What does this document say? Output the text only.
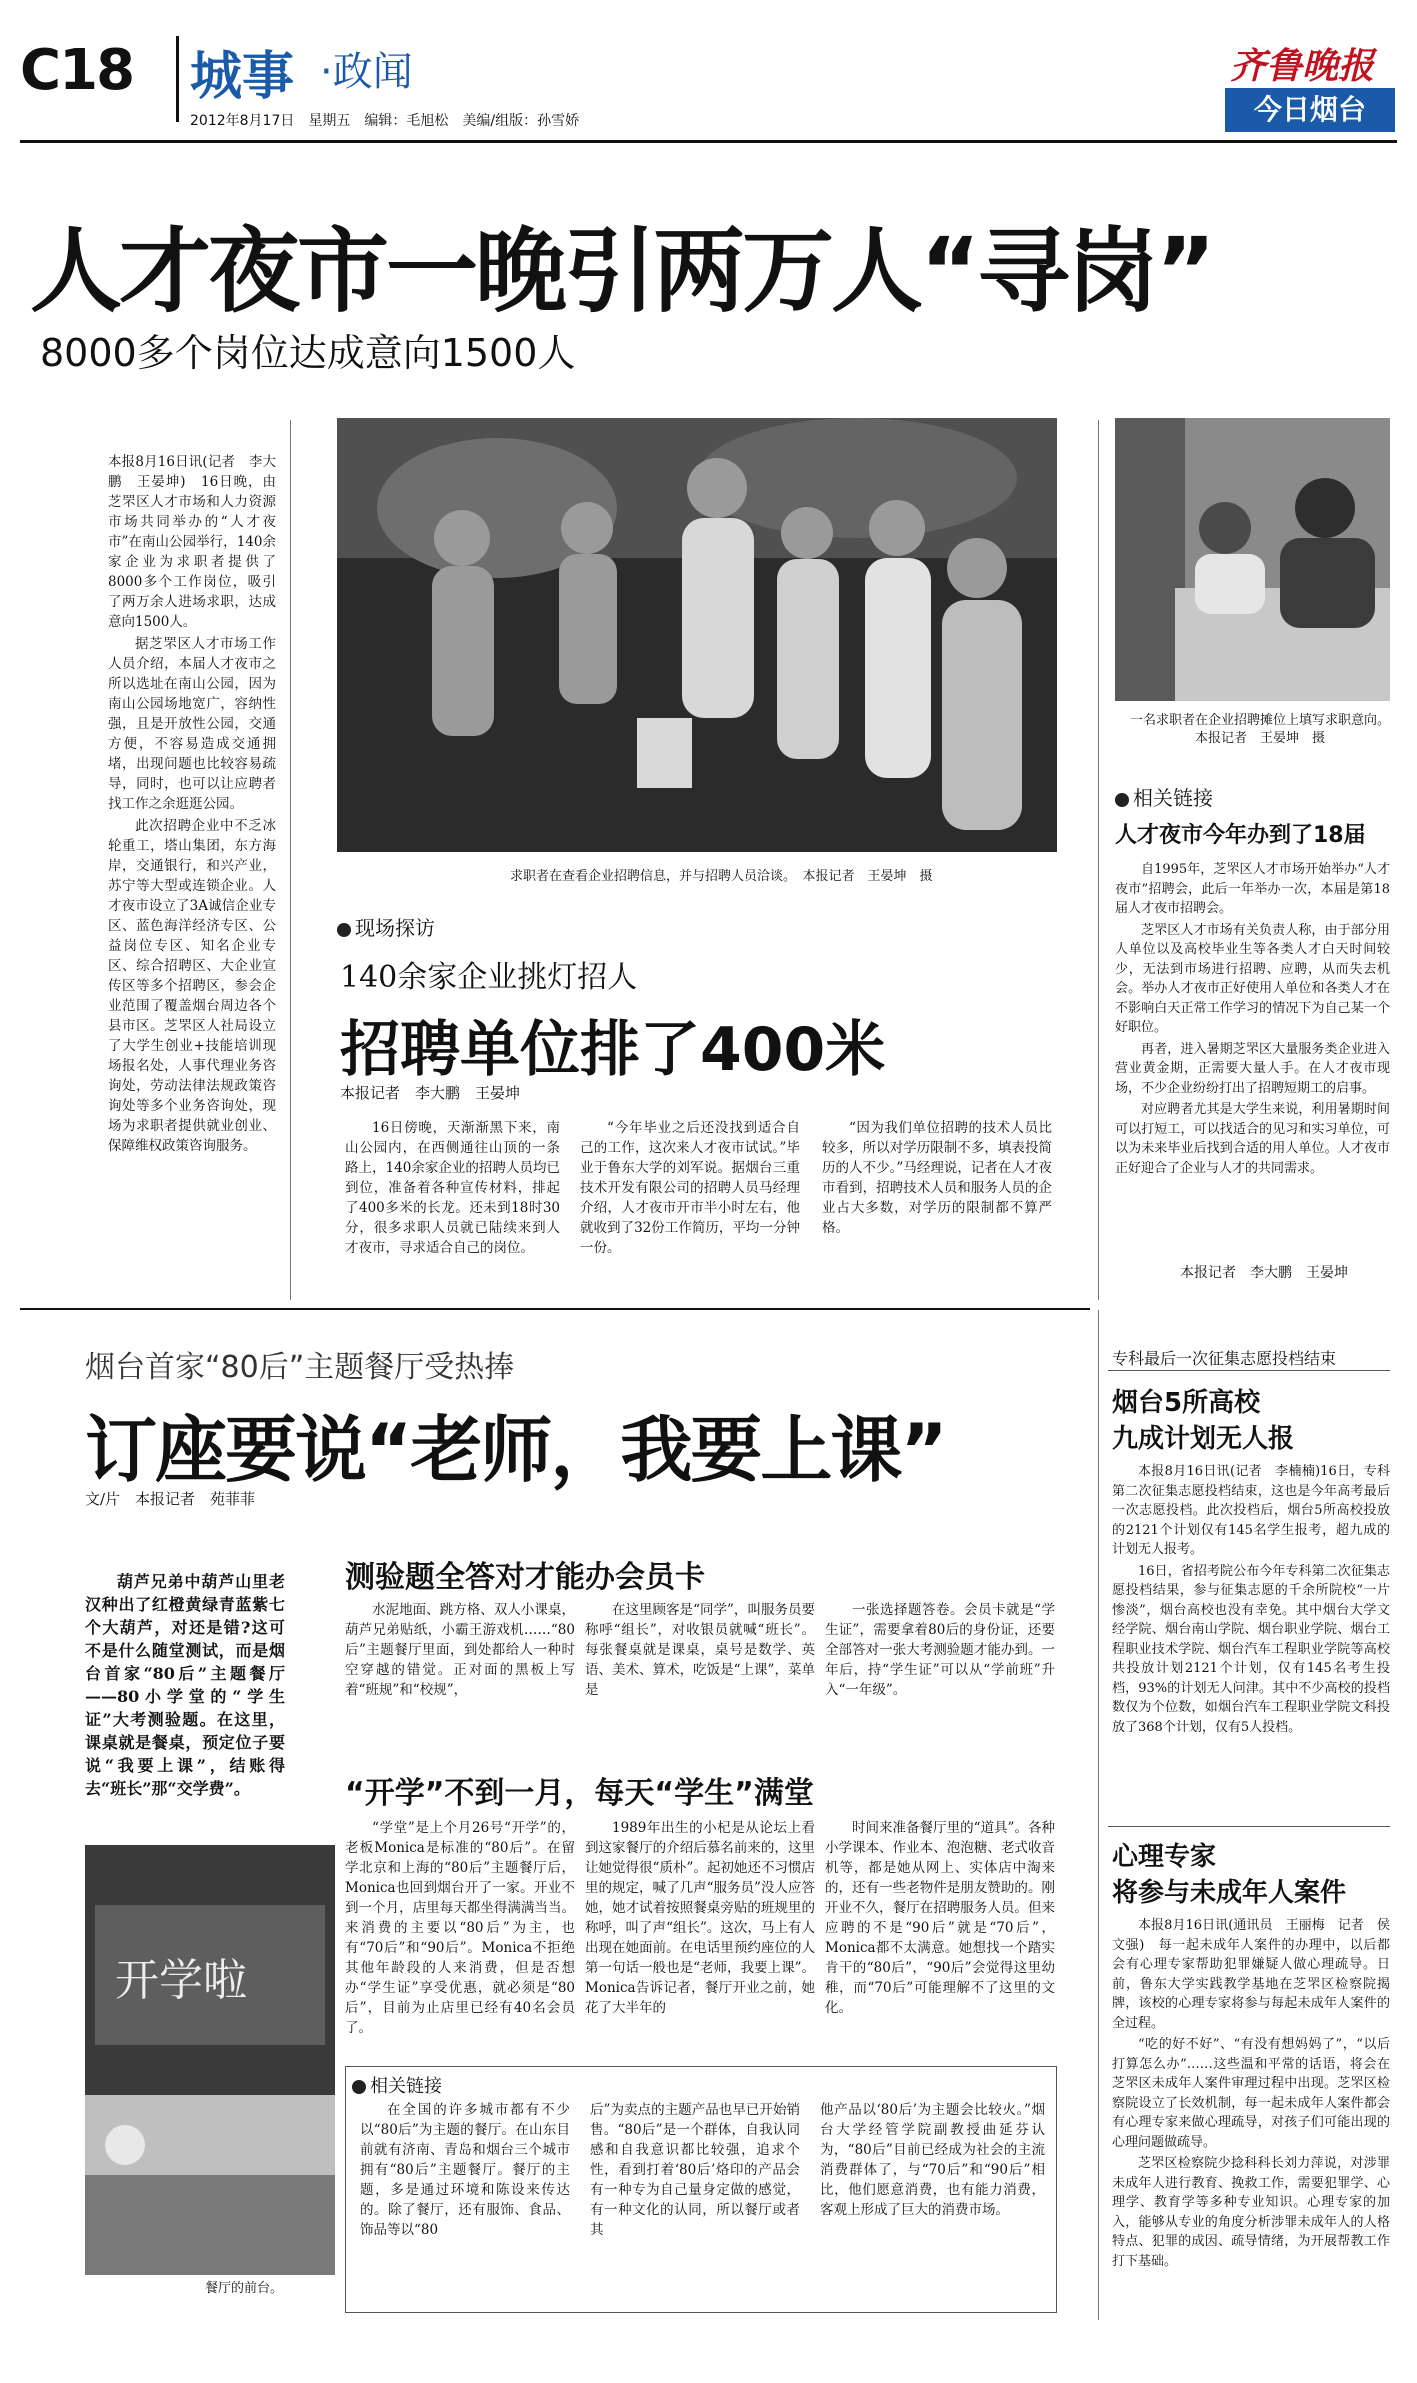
C18 城事 ·政闻
2012年8月17日　星期五　编辑：毛旭松　美编/组版：孙雪娇
齐鲁晚报
今日烟台
人才夜市一晚引两万人“寻岗”
8000多个岗位达成意向1500人

本报8月16日讯(记者　李大鹏　王晏坤)　16日晚，由芝罘区人才市场和人力资源市场共同举办的“人才夜市”在南山公园举行，140余家企业为求职者提供了8000多个工作岗位，吸引了两万余人进场求职，达成意向1500人。

据芝罘区人才市场工作人员介绍，本届人才夜市之所以选址在南山公园，因为南山公园场地宽广，容纳性强，且是开放性公园，交通方便，不容易造成交通拥堵，出现问题也比较容易疏导，同时，也可以让应聘者找工作之余逛逛公园。

此次招聘企业中不乏冰轮重工，塔山集团，东方海岸，交通银行，和兴产业，苏宁等大型或连锁企业。人才夜市设立了3A诚信企业专区、蓝色海洋经济专区、公益岗位专区、知名企业专区、综合招聘区、大企业宣传区等多个招聘区，参会企业范围了覆盖烟台周边各个县市区。芝罘区人社局设立了大学生创业+技能培训现场报名处，人事代理业务咨询处，劳动法律法规政策咨询处等多个业务咨询处，现场为求职者提供就业创业、保障维权政策咨询服务。

求职者在查看企业招聘信息，并与招聘人员洽谈。　本报记者　王晏坤　摄
一名求职者在企业招聘摊位上填写求职意向。本报记者　王晏坤　摄
相关链接
人才夜市今年办到了18届

自1995年，芝罘区人才市场开始举办“人才夜市”招聘会，此后一年举办一次，本届是第18届人才夜市招聘会。

芝罘区人才市场有关负责人称，由于部分用人单位以及高校毕业生等各类人才白天时间较少，无法到市场进行招聘、应聘，从而失去机会。举办人才夜市正好使用人单位和各类人才在不影响白天正常工作学习的情况下为自己某一个好职位。

再者，进入暑期芝罘区大量服务类企业进入营业黄金期，正需要大量人手。在人才夜市现场，不少企业纷纷打出了招聘短期工的启事。

对应聘者尤其是大学生来说，利用暑期时间可以打短工，可以找适合的见习和实习单位，可以为未来毕业后找到合适的用人单位。人才夜市正好迎合了企业与人才的共同需求。

本报记者　李大鹏　王晏坤
现场探访
140余家企业挑灯招人
招聘单位排了400米
本报记者　李大鹏　王晏坤

16日傍晚，天渐渐黑下来，南山公园内，在西侧通往山顶的一条路上，140余家企业的招聘人员均已到位，准备着各种宣传材料，排起了400多米的长龙。还未到18时30分，很多求职人员就已陆续来到人才夜市，寻求适合自己的岗位。

“今年毕业之后还没找到适合自己的工作，这次来人才夜市试试。”毕业于鲁东大学的刘军说。据烟台三重技术开发有限公司的招聘人员马经理介绍，人才夜市开市半小时左右，他就收到了32份工作简历，平均一分钟一份。

“因为我们单位招聘的技术人员比较多，所以对学历限制不多，填表投简历的人不少。”马经理说，记者在人才夜市看到，招聘技术人员和服务人员的企业占大多数，对学历的限制都不算严格。

烟台首家“80后”主题餐厅受热捧
订座要说“老师，我要上课”
文/片　本报记者　苑菲菲

葫芦兄弟中葫芦山里老汉种出了红橙黄绿青蓝紫七个大葫芦，对还是错?这可不是什么随堂测试，而是烟台首家“80后”主题餐厅——80小学堂的“学生证”大考测验题。在这里，课桌就是餐桌，预定位子要说“我要上课”，结账得去“班长”那“交学费”。

开学啦
餐厅的前台。
测验题全答对才能办会员卡

水泥地面、跳方格、双人小课桌，葫芦兄弟贴纸，小霸王游戏机……“80后”主题餐厅里面，到处都给人一种时空穿越的错觉。正对面的黑板上写着“班规”和“校规”，

在这里顾客是“同学”，叫服务员要称呼“组长”，对收银员就喊“班长”。每张餐桌就是课桌，桌号是数学、英语、美术、算术，吃饭是“上课”，菜单是

一张选择题答卷。会员卡就是“学生证”，需要拿着80后的身份证，还要全部答对一张大考测验题才能办到。一年后，持“学生证”可以从“学前班”升入“一年级”。

“开学”不到一月，每天“学生”满堂

“学堂”是上个月26号“开学”的，老板Monica是标准的“80后”。在留学北京和上海的“80后”主题餐厅后，Monica也回到烟台开了一家。开业不到一个月，店里每天都坐得满满当当。来消费的主要以“80后”为主，也有“70后”和“90后”。Monica不拒绝其他年龄段的人来消费，但是否想办“学生证”享受优惠，就必须是“80后”，目前为止店里已经有40名会员了。

1989年出生的小杞是从论坛上看到这家餐厅的介绍后慕名前来的，这里让她觉得很“质朴”。起初她还不习惯店里的规定，喊了几声“服务员”没人应答她，她才试着按照餐桌旁贴的班规里的称呼，叫了声“组长”。这次，马上有人出现在她面前。在电话里预约座位的人第一句话一般也是“老师，我要上课”。Monica告诉记者，餐厅开业之前，她花了大半年的

时间来准备餐厅里的“道具”。各种小学课本、作业本、泡泡糖、老式收音机等，都是她从网上、实体店中淘来的，还有一些老物件是朋友赞助的。刚开业不久，餐厅在招聘服务人员。但来应聘的不是“90后”就是“70后”，Monica都不太满意。她想找一个踏实肯干的“80后”，“90后”会觉得这里幼稚，而“70后”可能理解不了这里的文化。

相关链接

在全国的许多城市都有不少以“80后”为主题的餐厅。在山东目前就有济南、青岛和烟台三个城市拥有“80后”主题餐厅。餐厅的主题，多是通过环境和陈设来传达的。除了餐厅，还有服饰、食品、饰品等以“80

后”为卖点的主题产品也早已开始销售。“80后”是一个群体，自我认同感和自我意识都比较强，追求个性，看到打着‘80后’烙印的产品会有一种专为自己量身定做的感觉，有一种文化的认同，所以餐厅或者其

他产品以‘80后’为主题会比较火。”烟台大学经管学院副教授曲延芬认为，“80后”目前已经成为社会的主流消费群体了，与“70后”和“90后”相比，他们愿意消费，也有能力消费，客观上形成了巨大的消费市场。

专科最后一次征集志愿投档结束
烟台5所高校
九成计划无人报

本报8月16日讯(记者　李楠楠)16日，专科第二次征集志愿投档结束，这也是今年高考最后一次志愿投档。此次投档后，烟台5所高校投放的2121个计划仅有145名学生报考，超九成的计划无人报考。

16日，省招考院公布今年专科第二次征集志愿投档结果，参与征集志愿的千余所院校“一片惨淡”，烟台高校也没有幸免。其中烟台大学文经学院、烟台南山学院、烟台职业学院、烟台工程职业技术学院、烟台汽车工程职业学院等高校共投放计划2121个计划，仅有145名考生投档，93%的计划无人问津。其中不少高校的投档数仅为个位数，如烟台汽车工程职业学院文科投放了368个计划，仅有5人投档。

心理专家
将参与未成年人案件

本报8月16日讯(通讯员　王丽梅　记者　侯文强)　每一起未成年人案件的办理中，以后都会有心理专家帮助犯罪嫌疑人做心理疏导。日前，鲁东大学实践教学基地在芝罘区检察院揭牌，该校的心理专家将参与每起未成年人案件的全过程。

“吃的好不好”、“有没有想妈妈了”，“以后打算怎么办”……这些温和平常的话语，将会在芝罘区未成年人案件审理过程中出现。芝罘区检察院设立了长效机制，每一起未成年人案件都会有心理专家来做心理疏导，对孩子们可能出现的心理问题做疏导。

芝罘区检察院少捻科科长刘力萍说，对涉罪未成年人进行教育、挽救工作，需要犯罪学、心理学、教育学等多种专业知识。心理专家的加入，能够从专业的角度分析涉罪未成年人的人格特点、犯罪的成因、疏导情绪，为开展帮教工作打下基础。
